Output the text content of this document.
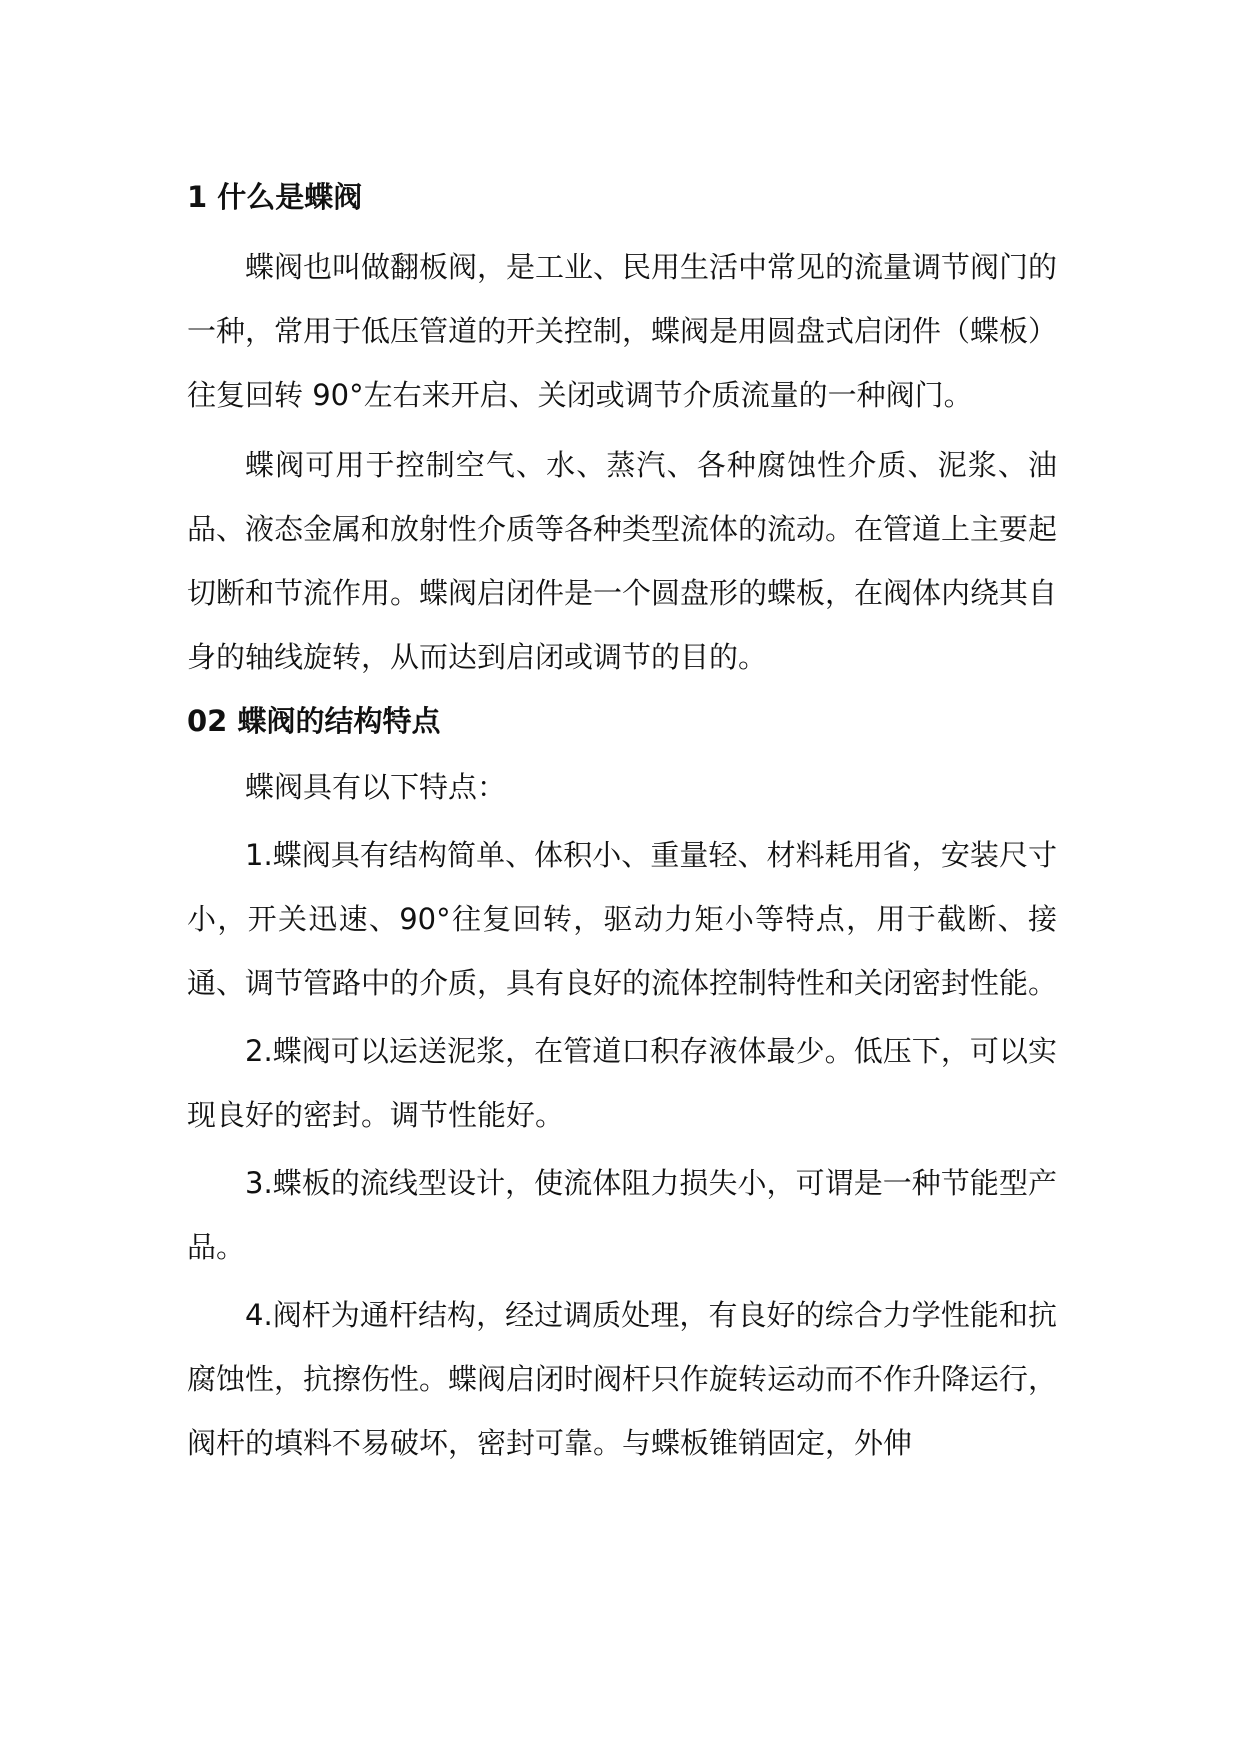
1 什么是蝶阀

蝶阀也叫做翻板阀，是工业、民用生活中常见的流量调节阀门的一种，常用于低压管道的开关控制，蝶阀是用圆盘式启闭件（蝶板）往复回转 90°左右来开启、关闭或调节介质流量的一种阀门。

蝶阀可用于控制空气、水、蒸汽、各种腐蚀性介质、泥浆、油品、液态金属和放射性介质等各种类型流体的流动。在管道上主要起切断和节流作用。蝶阀启闭件是一个圆盘形的蝶板，在阀体内绕其自身的轴线旋转，从而达到启闭或调节的目的。

02 蝶阀的结构特点

蝶阀具有以下特点：

1.蝶阀具有结构简单、体积小、重量轻、材料耗用省，安装尺寸小，开关迅速、90°往复回转，驱动力矩小等特点，用于截断、接通、调节管路中的介质，具有良好的流体控制特性和关闭密封性能。

2.蝶阀可以运送泥浆，在管道口积存液体最少。低压下，可以实现良好的密封。调节性能好。

3.蝶板的流线型设计，使流体阻力损失小，可谓是一种节能型产品。

4.阀杆为通杆结构，经过调质处理，有良好的综合力学性能和抗腐蚀性，抗擦伤性。蝶阀启闭时阀杆只作旋转运动而不作升降运行，阀杆的填料不易破坏，密封可靠。与蝶板锥销固定，外伸
